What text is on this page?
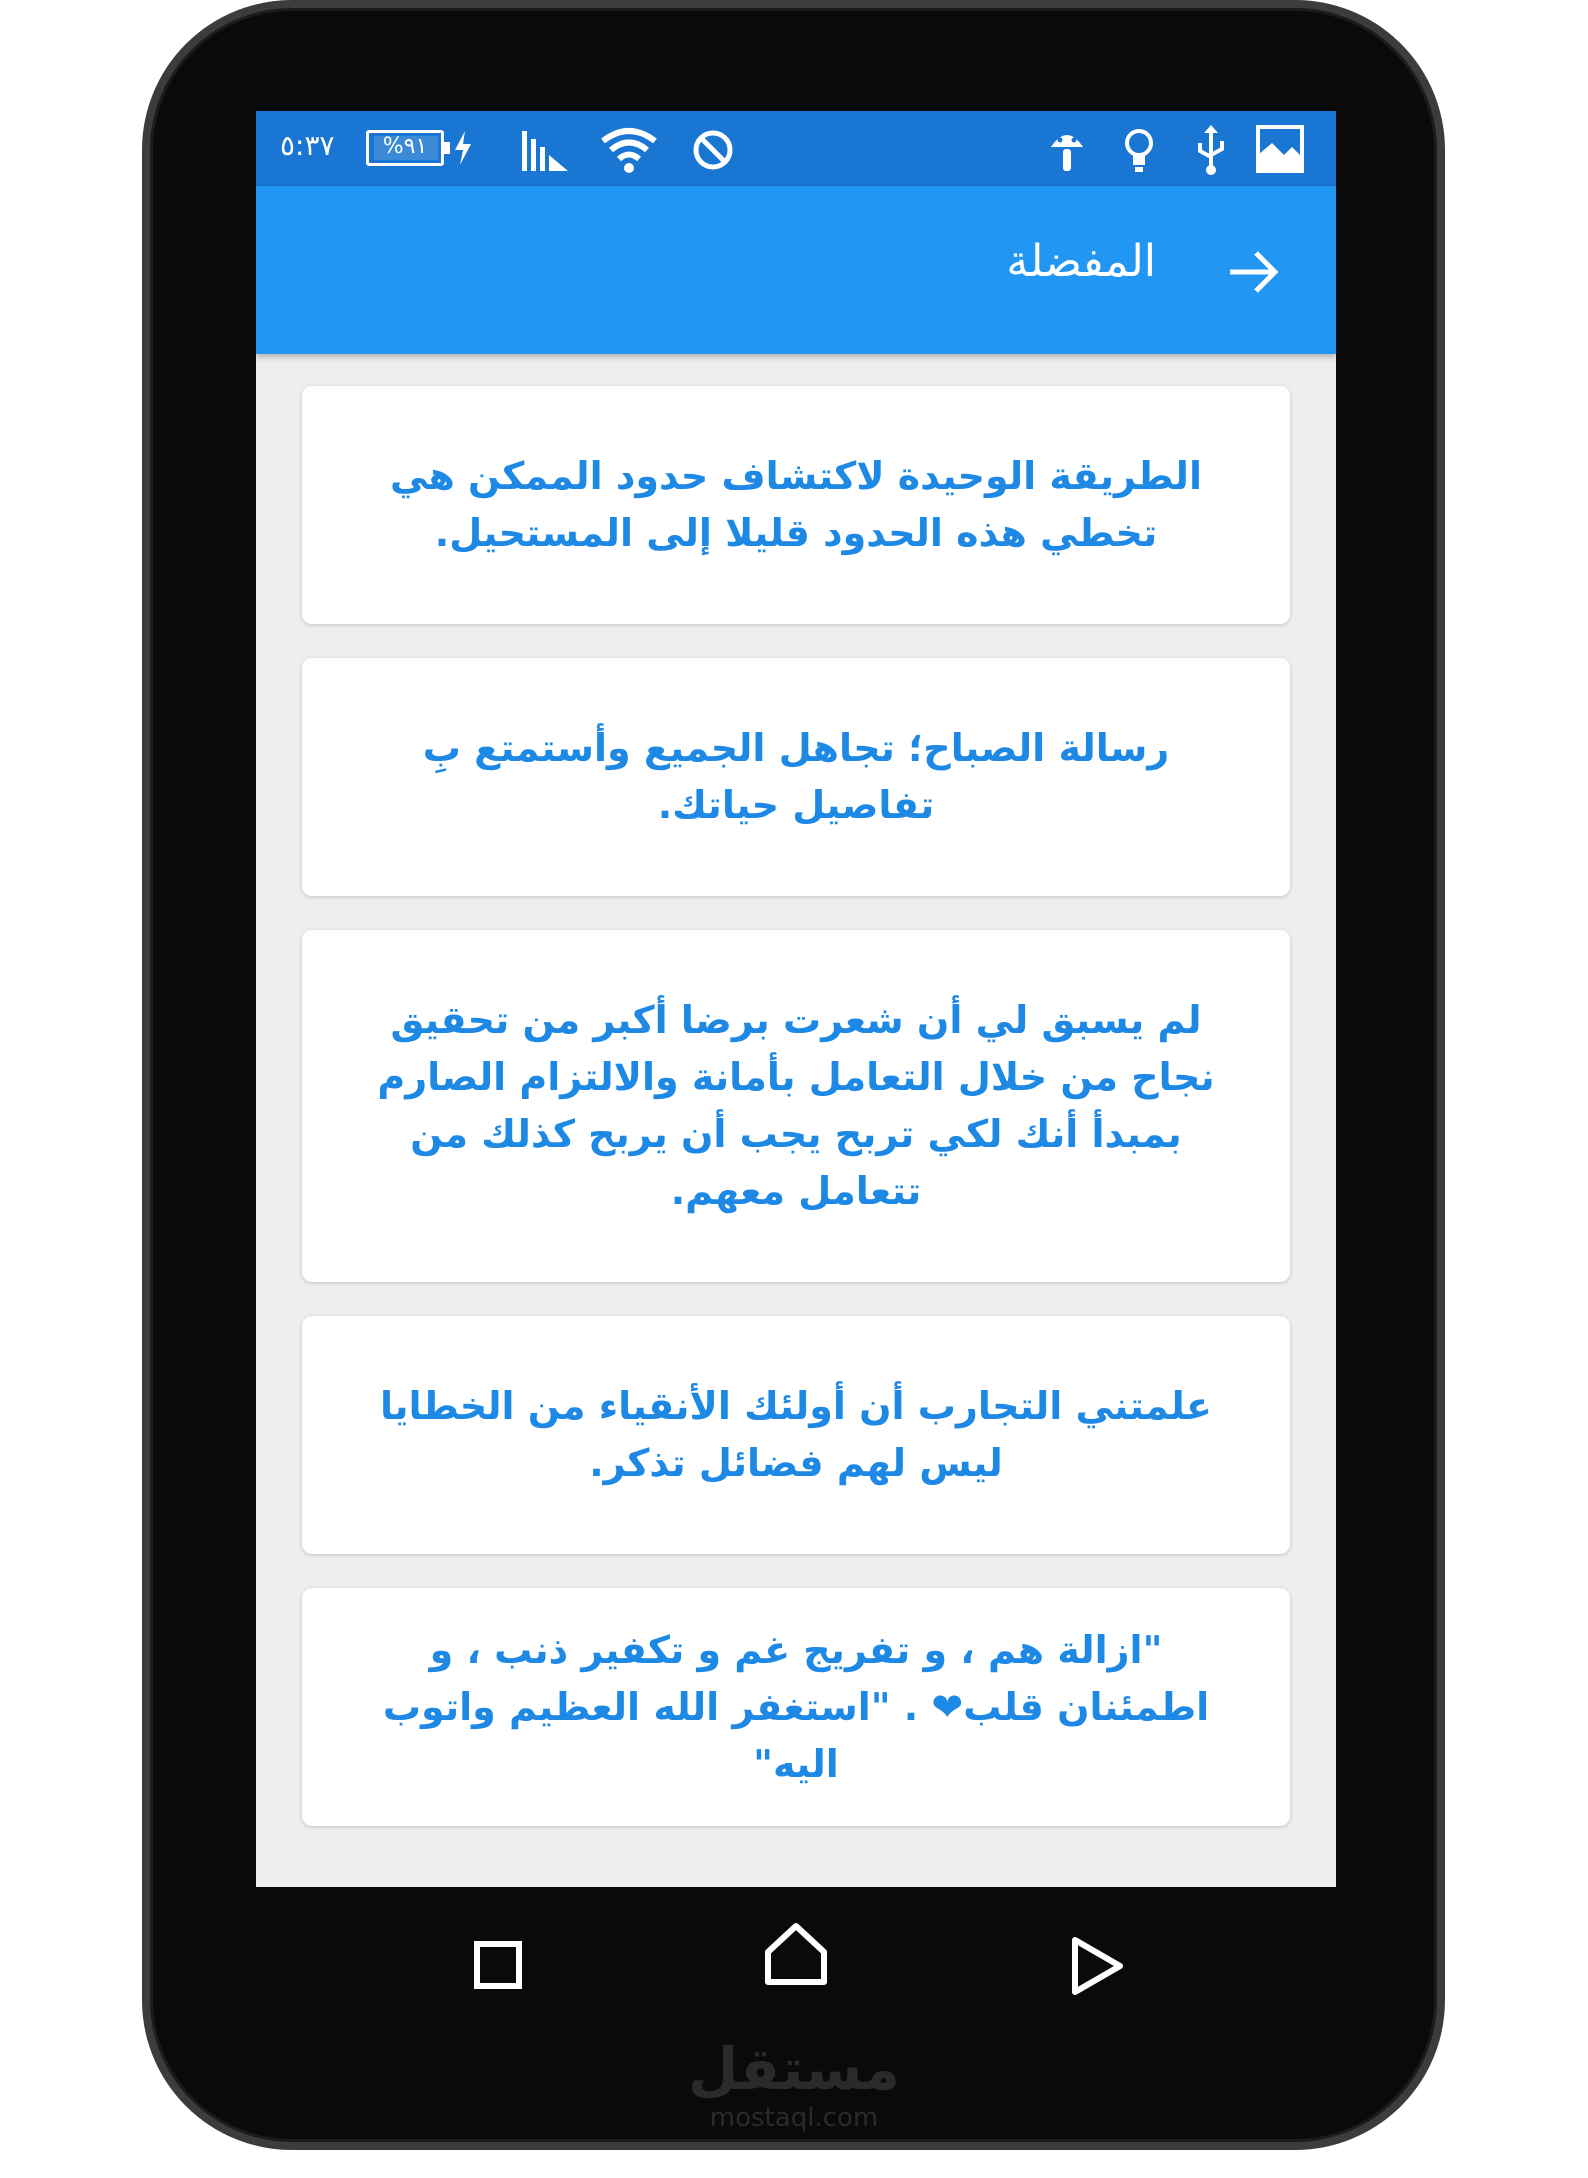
٥:٣٧	%٩١
المفضلة

الطريقة الوحيدة لاكتشاف حدود الممكن هي تخطي هذه الحدود قليلا إلى المستحيل.

رسالة الصباح؛ تجاهل الجميع وأستمتع بِ تفاصيل حياتك.

لم يسبق لي أن شعرت برضا أكبر من تحقيق نجاح من خلال التعامل بأمانة والالتزام الصارم بمبدأ أنك لكي تربح يجب أن يربح كذلك من تتعامل معهم.

علمتني التجارب أن أولئك الأنقياء من الخطايا ليس لهم فضائل تذكر.

"ازالة هم ، و تفريج غم و تكفير ذنب ، و اطمئنان قلب❤ . "استغفر الله العظيم واتوب اليه"

مستقل
mostaql.com
